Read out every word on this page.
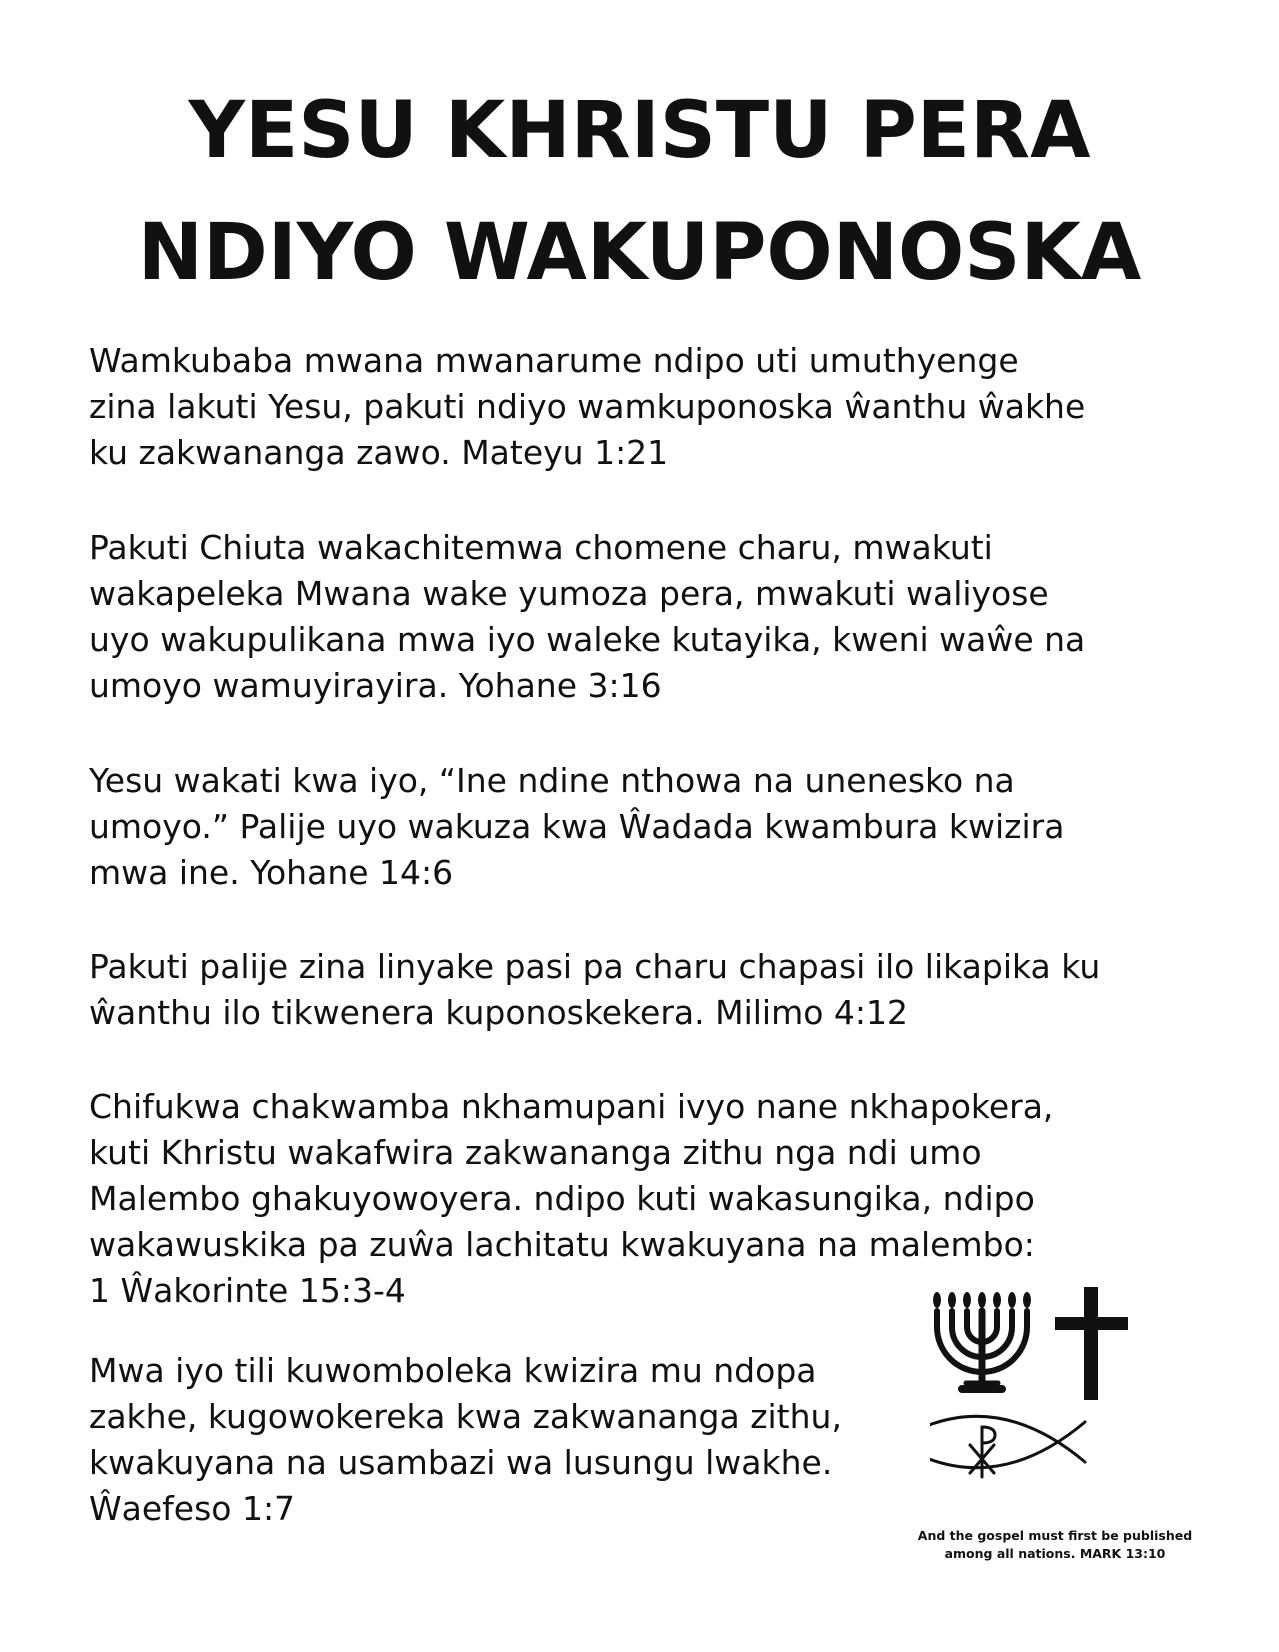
YESU KHRISTU PERA
NDIYO WAKUPONOSKA

Wamkubaba mwana mwanarume ndipo uti umuthyenge
zina lakuti Yesu, pakuti ndiyo wamkuponoska ŵanthu ŵakhe
ku zakwananga zawo. Mateyu 1:21

Pakuti Chiuta wakachitemwa chomene charu, mwakuti
wakapeleka Mwana wake yumoza pera, mwakuti waliyose
uyo wakupulikana mwa iyo waleke kutayika, kweni waŵe na
umoyo wamuyirayira. Yohane 3:16

Yesu wakati kwa iyo, “Ine ndine nthowa na unenesko na
umoyo.” Palije uyo wakuza kwa Ŵadada kwambura kwizira
mwa ine. Yohane 14:6

Pakuti palije zina linyake pasi pa charu chapasi ilo likapika ku
ŵanthu ilo tikwenera kuponoskekera. Milimo 4:12

Chifukwa chakwamba nkhamupani ivyo nane nkhapokera,
kuti Khristu wakafwira zakwananga zithu nga ndi umo
Malembo ghakuyowoyera. ndipo kuti wakasungika, ndipo
wakawuskika pa zuŵa lachitatu kwakuyana na malembo:
1 Ŵakorinte 15:3-4

Mwa iyo tili kuwomboleka kwizira mu ndopa
zakhe, kugowokereka kwa zakwananga zithu,
kwakuyana na usambazi wa lusungu lwakhe.
Ŵaefeso 1:7

And the gospel must first be published
among all nations. MARK 13:10
